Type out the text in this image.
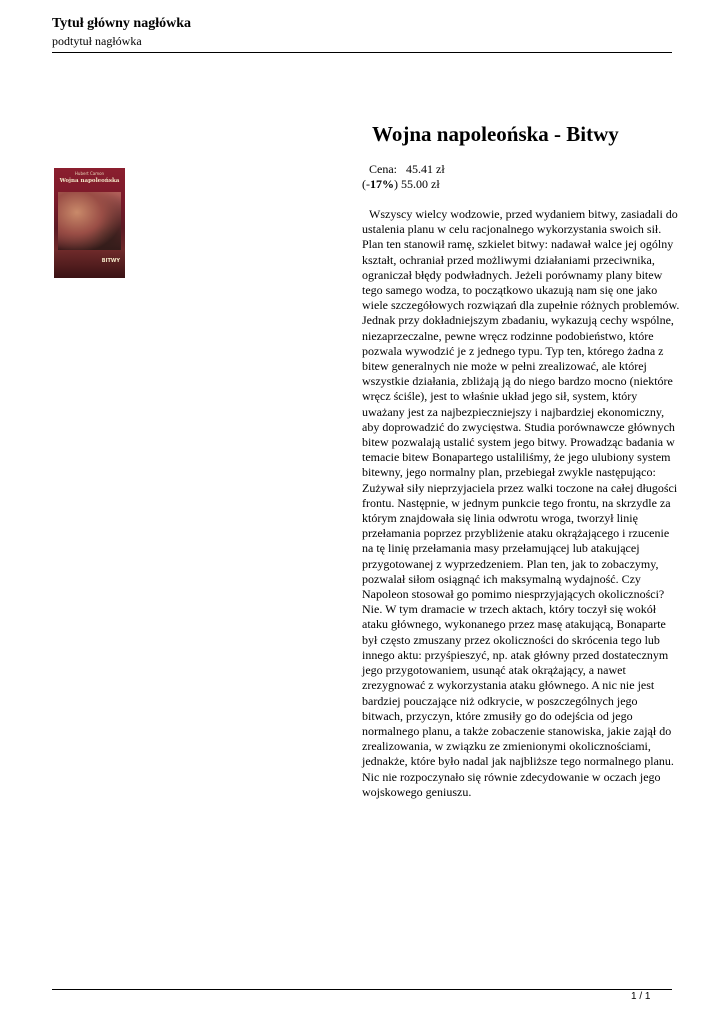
Tytuł główny nagłówka
podtytuł nagłówka
Wojna napoleońska - Bitwy
Hubert Camon
Wojna napoleońska
BITWY
Cena: 45.41 zł
(-17%) 55.00 zł

Wszyscy wielcy wodzowie, przed wydaniem bitwy, zasiadali do ustalenia planu w celu racjonalnego wykorzystania swoich sił. Plan ten stanowił ramę, szkielet bitwy: nadawał walce jej ogólny kształt, ochraniał przed możliwymi działaniami przeciwnika, ograniczał błędy podwładnych. Jeżeli porównamy plany bitew tego samego wodza, to początkowo ukazują nam się one jako wiele szczegółowych rozwiązań dla zupełnie różnych problemów. Jednak przy dokładniejszym zbadaniu, wykazują cechy wspólne, niezaprzeczalne, pewne wręcz rodzinne podobieństwo, które pozwala wywodzić je z jednego typu. Typ ten, którego żadna z bitew generalnych nie może w pełni zrealizować, ale której wszystkie działania, zbliżają ją do niego bardzo mocno (niektóre wręcz ściśle), jest to właśnie układ jego sił, system, który uważany jest za najbezpieczniejszy i najbardziej ekonomiczny, aby doprowadzić do zwycięstwa. Studia porównawcze głównych bitew pozwalają ustalić system jego bitwy. Prowadząc badania w temacie bitew Bonapartego ustaliliśmy, że jego ulubiony system bitewny, jego normalny plan, przebiegał zwykle następująco: Zużywał siły nieprzyjaciela przez walki toczone na całej długości frontu. Następnie, w jednym punkcie tego frontu, na skrzydle za którym znajdowała się linia odwrotu wroga, tworzył linię przełamania poprzez przybliżenie ataku okrążającego i rzucenie na tę linię przełamania masy przełamującej lub atakującej przygotowanej z wyprzedzeniem. Plan ten, jak to zobaczymy, pozwalał siłom osiągnąć ich maksymalną wydajność. Czy Napoleon stosował go pomimo niesprzyjających okoliczności? Nie. W tym dramacie w trzech aktach, który toczył się wokół ataku głównego, wykonanego przez masę atakującą, Bonaparte był często zmuszany przez okoliczności do skrócenia tego lub innego aktu: przyśpieszyć, np. atak główny przed dostatecznym jego przygotowaniem, usunąć atak okrążający, a nawet zrezygnować z wykorzystania ataku głównego. A nic nie jest bardziej pouczające niż odkrycie, w poszczególnych jego bitwach, przyczyn, które zmusiły go do odejścia od jego normalnego planu, a także zobaczenie stanowiska, jakie zajął do zrealizowania, w związku ze zmienionymi okolicznościami, jednakże, które było nadal jak najbliższe tego normalnego planu. Nic nie rozpoczynało się równie zdecydowanie w oczach jego wojskowego geniuszu.

1 / 1
